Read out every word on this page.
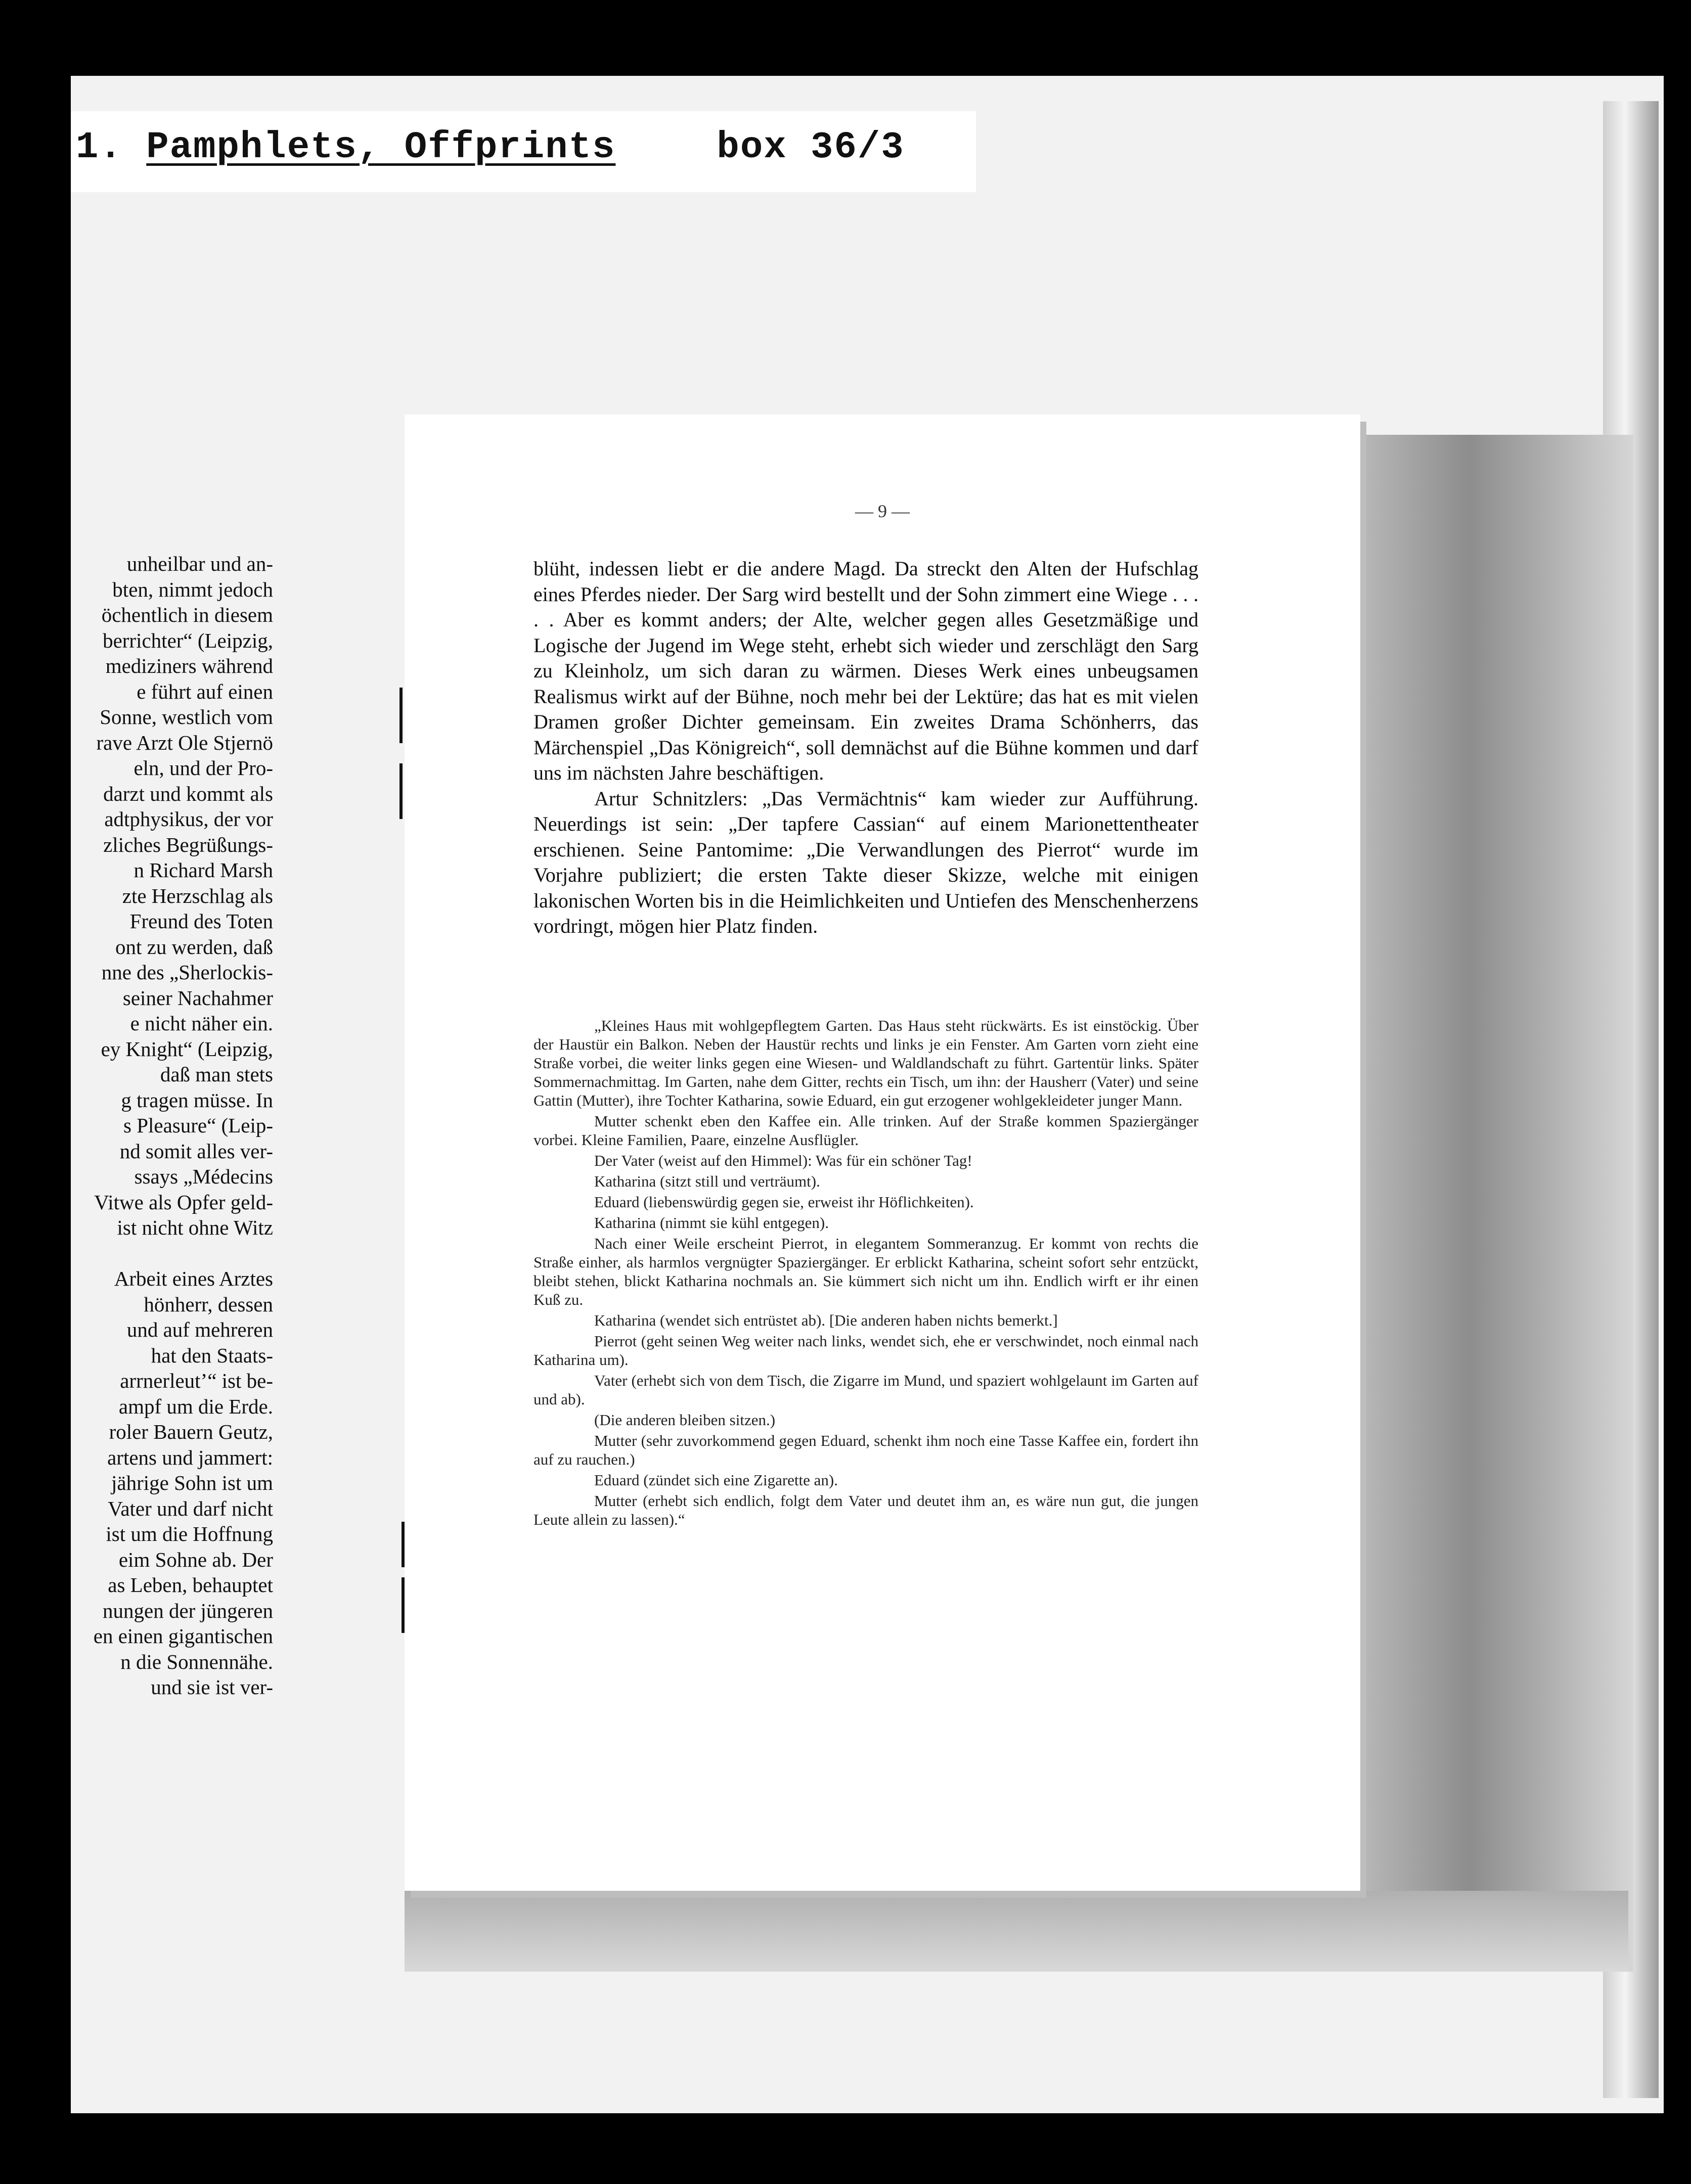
1. Pamphlets, Offprints	box 36/3
unheilbar und an-
bten, nimmt jedoch
öchentlich in diesem
berrichter“ (Leipzig,
mediziners während
e führt auf einen
Sonne, westlich vom
rave Arzt Ole Stjernö
eln, und der Pro-
darzt und kommt als
adtphysikus, der vor
zliches Begrüßungs-
n Richard Marsh
zte Herzschlag als
Freund des Toten
ont zu werden, daß
nne des „Sherlockis-
seiner Nachahmer
e nicht näher ein.
ey Knight“ (Leipzig,
daß man stets
g tragen müsse. In
s Pleasure“ (Leip-
nd somit alles ver-
ssays „Médecins
Vitwe als Opfer geld-
ist nicht ohne Witz

Arbeit eines Arztes
hönherr, dessen
und auf mehreren
hat den Staats-
arrnerleut’“ ist be-
ampf um die Erde.
roler Bauern Geutz,
artens und jammert:
jährige Sohn ist um
Vater und darf nicht
ist um die Hoffnung
eim Sohne ab. Der
as Leben, behauptet
nungen der jüngeren
en einen gigantischen
n die Sonnennähe.
und sie ist ver-
— 9 —

blüht, indessen liebt er die andere Magd. Da streckt den Alten der Hufschlag eines Pferdes nieder. Der Sarg wird bestellt und der Sohn zimmert eine Wiege . . . . . Aber es kommt anders; der Alte, welcher gegen alles Gesetzmäßige und Logische der Jugend im Wege steht, erhebt sich wieder und zerschlägt den Sarg zu Kleinholz, um sich daran zu wärmen. Dieses Werk eines unbeugsamen Realismus wirkt auf der Bühne, noch mehr bei der Lektüre; das hat es mit vielen Dramen großer Dichter gemeinsam. Ein zweites Drama Schönherrs, das Märchenspiel „Das Königreich“, soll demnächst auf die Bühne kommen und darf uns im nächsten Jahre beschäftigen.

Artur Schnitzlers: „Das Vermächtnis“ kam wieder zur Aufführung. Neuerdings ist sein: „Der tapfere Cassian“ auf einem Marionettentheater erschienen. Seine Pantomime: „Die Verwandlungen des Pierrot“ wurde im Vorjahre publiziert; die ersten Takte dieser Skizze, welche mit einigen lakonischen Worten bis in die Heimlichkeiten und Untiefen des Menschenherzens vordringt, mögen hier Platz finden.

„Kleines Haus mit wohlgepflegtem Garten. Das Haus steht rückwärts. Es ist einstöckig. Über der Haustür ein Balkon. Neben der Haustür rechts und links je ein Fenster. Am Garten vorn zieht eine Straße vorbei, die weiter links gegen eine Wiesen- und Waldlandschaft zu führt. Gartentür links. Später Sommernachmittag. Im Garten, nahe dem Gitter, rechts ein Tisch, um ihn: der Hausherr (Vater) und seine Gattin (Mutter), ihre Tochter Katharina, sowie Eduard, ein gut erzogener wohlgekleideter junger Mann.

Mutter schenkt eben den Kaffee ein. Alle trinken. Auf der Straße kommen Spaziergänger vorbei. Kleine Familien, Paare, einzelne Ausflügler.

Der Vater (weist auf den Himmel): Was für ein schöner Tag!

Katharina (sitzt still und verträumt).

Eduard (liebenswürdig gegen sie, erweist ihr Höflichkeiten).

Katharina (nimmt sie kühl entgegen).

Nach einer Weile erscheint Pierrot, in elegantem Sommeranzug. Er kommt von rechts die Straße einher, als harmlos vergnügter Spaziergänger. Er erblickt Katharina, scheint sofort sehr entzückt, bleibt stehen, blickt Katharina nochmals an. Sie kümmert sich nicht um ihn. Endlich wirft er ihr einen Kuß zu.

Katharina (wendet sich entrüstet ab). [Die anderen haben nichts bemerkt.]

Pierrot (geht seinen Weg weiter nach links, wendet sich, ehe er verschwindet, noch einmal nach Katharina um).

Vater (erhebt sich von dem Tisch, die Zigarre im Mund, und spaziert wohlgelaunt im Garten auf und ab).

(Die anderen bleiben sitzen.)

Mutter (sehr zuvorkommend gegen Eduard, schenkt ihm noch eine Tasse Kaffee ein, fordert ihn auf zu rauchen.)

Eduard (zündet sich eine Zigarette an).

Mutter (erhebt sich endlich, folgt dem Vater und deutet ihm an, es wäre nun gut, die jungen Leute allein zu lassen).“
